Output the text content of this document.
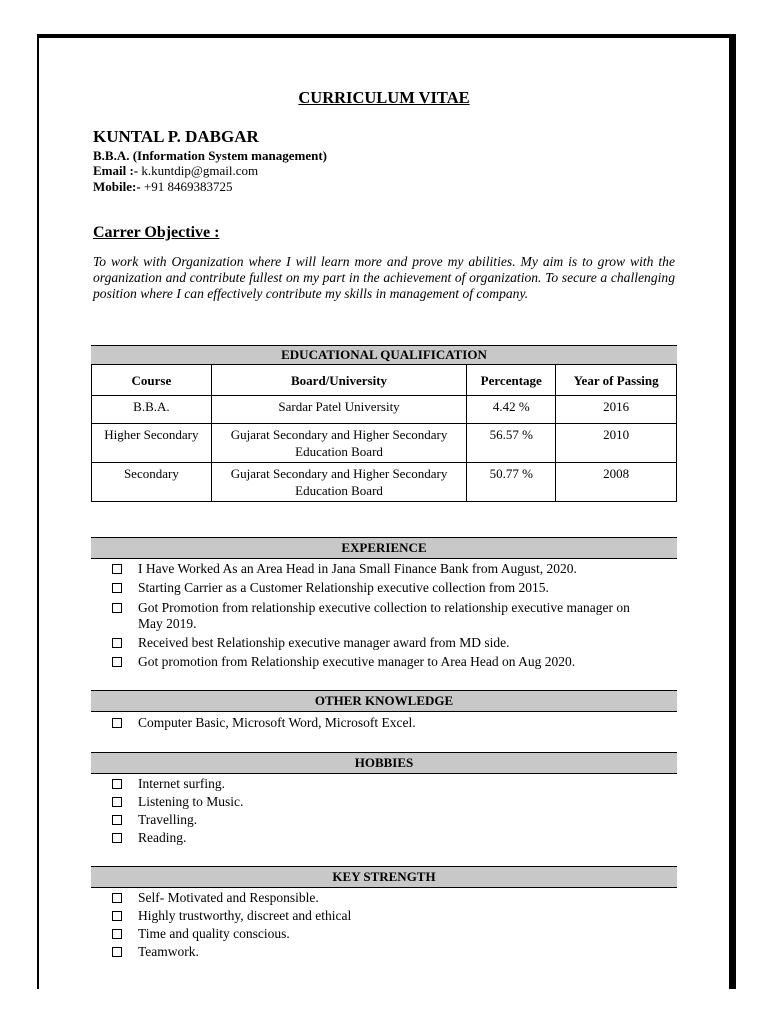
CURRICULUM VITAE
KUNTAL P. DABGAR
B.B.A. (Information System management)
Email :- k.kuntdip@gmail.com
Mobile:- +91 8469383725
Carrer Objective :
To work with Organization where I will learn more and prove my abilities. My aim is to grow with the organization and contribute fullest on my part in the achievement of organization. To secure a challenging position where I can effectively contribute my skills in management of company.
EDUCATIONAL QUALIFICATION
Course	Board/University	Percentage	Year of Passing
B.B.A.	Sardar Patel University	4.42 %	2016
Higher Secondary	Gujarat Secondary and Higher Secondary Education Board	56.57 %	2010
Secondary	Gujarat Secondary and Higher Secondary Education Board	50.77 %	2008
EXPERIENCE
I Have Worked As an Area Head in Jana Small Finance Bank from August, 2020.
Starting Carrier as a Customer Relationship executive collection from 2015.
Got Promotion from relationship executive collection to relationship executive manager on May 2019.
Received best Relationship executive manager award from MD side.
Got promotion from Relationship executive manager to Area Head on Aug 2020.
OTHER KNOWLEDGE
Computer Basic, Microsoft Word, Microsoft Excel.
HOBBIES
Internet surfing.
Listening to Music.
Travelling.
Reading.
KEY STRENGTH
Self- Motivated and Responsible.
Highly trustworthy, discreet and ethical
Time and quality conscious.
Teamwork.
